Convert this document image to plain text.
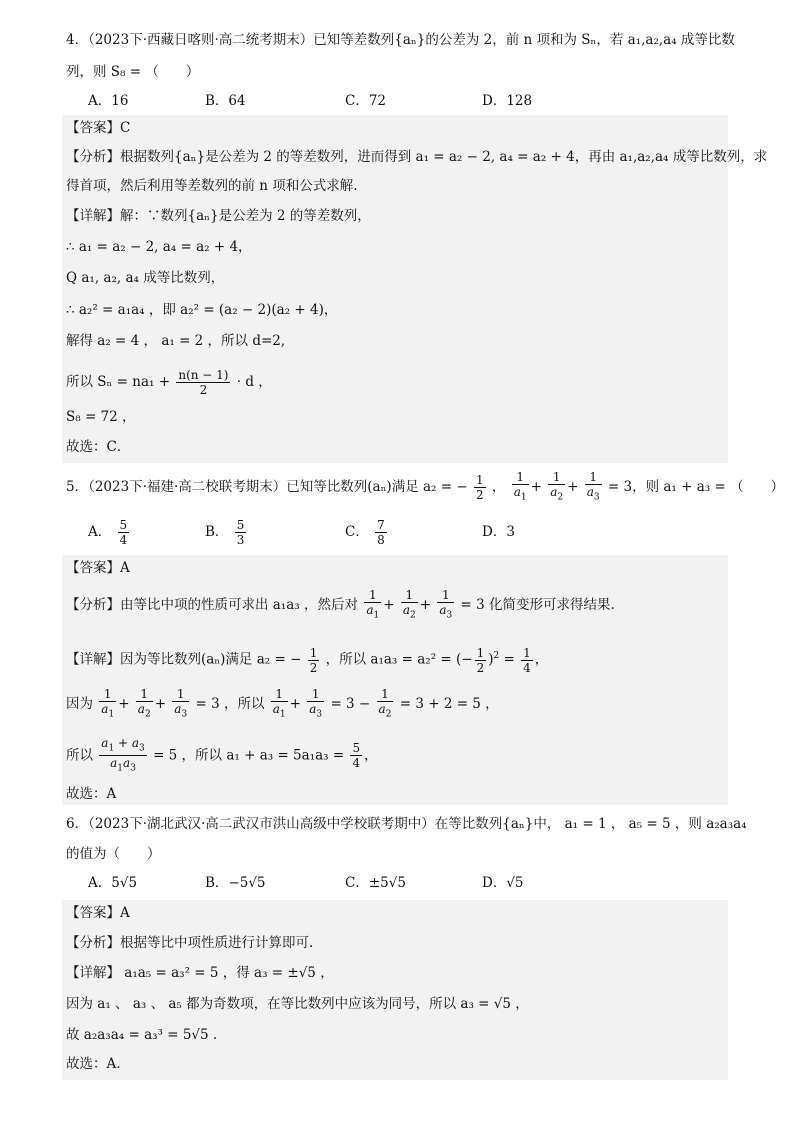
4．（2023下·西藏日喀则·高二统考期末）已知等差数列{aₙ}的公差为 2，前 n 项和为 Sₙ，若 a₁,a₂,a₄ 成等比数
列，则 S₈ = （　　）
A．16	B．64	C．72	D．128
【答案】C
【分析】根据数列{aₙ}是公差为 2 的等差数列，进而得到 a₁ = a₂ − 2, a₄ = a₂ + 4，再由 a₁,a₂,a₄ 成等比数列，求
得首项，然后利用等差数列的前 n 项和公式求解.
【详解】解：∵数列{aₙ}是公差为 2 的等差数列，
∴ a₁ = a₂ − 2, a₄ = a₂ + 4，
Q a₁, a₂, a₄ 成等比数列，
∴ a₂² = a₁a₄ ，即 a₂² = (a₂ − 2)(a₂ + 4)，
解得 a₂ = 4 ， a₁ = 2 ，所以 d=2,
所以 $S_n = na_1 + \frac{n(n - 1)}{2} \cdot d$ ，
S₈ = 72 ，
故选：C．
5．（2023下·福建·高二校联考期末）已知等比数列(aₙ)满足 a₂ = − $\frac{1}{2}$ ， $\frac{1}{a_1} + \frac{1}{a_2} + \frac{1}{a_3} = 3$，则 a₁ + a₃ = （　　）
A． $\frac{5}{4}$	B． $\frac{5}{3}$	C． $\frac{7}{8}$	D．3
【答案】A
【分析】由等比中项的性质可求出 a₁a₃ ，然后对 $\frac{1}{a_1} + \frac{1}{a_2} + \frac{1}{a_3} = 3$ 化简变形可求得结果.
【详解】因为等比数列(aₙ)满足 a₂ = − $\frac{1}{2}$ ，所以 a₁a₃ = a₂² = (− $\frac{1}{2} )^2 = \frac{1}{4}$ ，
因为 $\frac{1}{a_1} + \frac{1}{a_2} + \frac{1}{a_3} = 3$ ，所以 $\frac{1}{a_1} + \frac{1}{a_3} = 3 - \frac{1}{a_2} = 3 + 2 = 5$ ，
所以 $\frac{a_1 + a_3}{a_1a_3} = 5$ ，所以 $a_1 + a_3 = 5a_1a_3 = \frac{5}{4}$ ，
故选：A
6．（2023下·湖北武汉·高二武汉市洪山高级中学校联考期中）在等比数列{aₙ}中， a₁ = 1 ， a₅ = 5 ，则 a₂a₃a₄
的值为（　　）
A．5√5	B．−5√5	C．±5√5	D．√5
【答案】A
【分析】根据等比中项性质进行计算即可.
【详解】 a₁a₅ = a₃² = 5 ，得 a₃ = ±√5 ，
因为 a₁ 、 a₃ 、 a₅ 都为奇数项，在等比数列中应该为同号，所以 a₃ = √5 ，
故 a₂a₃a₄ = a₃³ = 5√5 .
故选：A.
